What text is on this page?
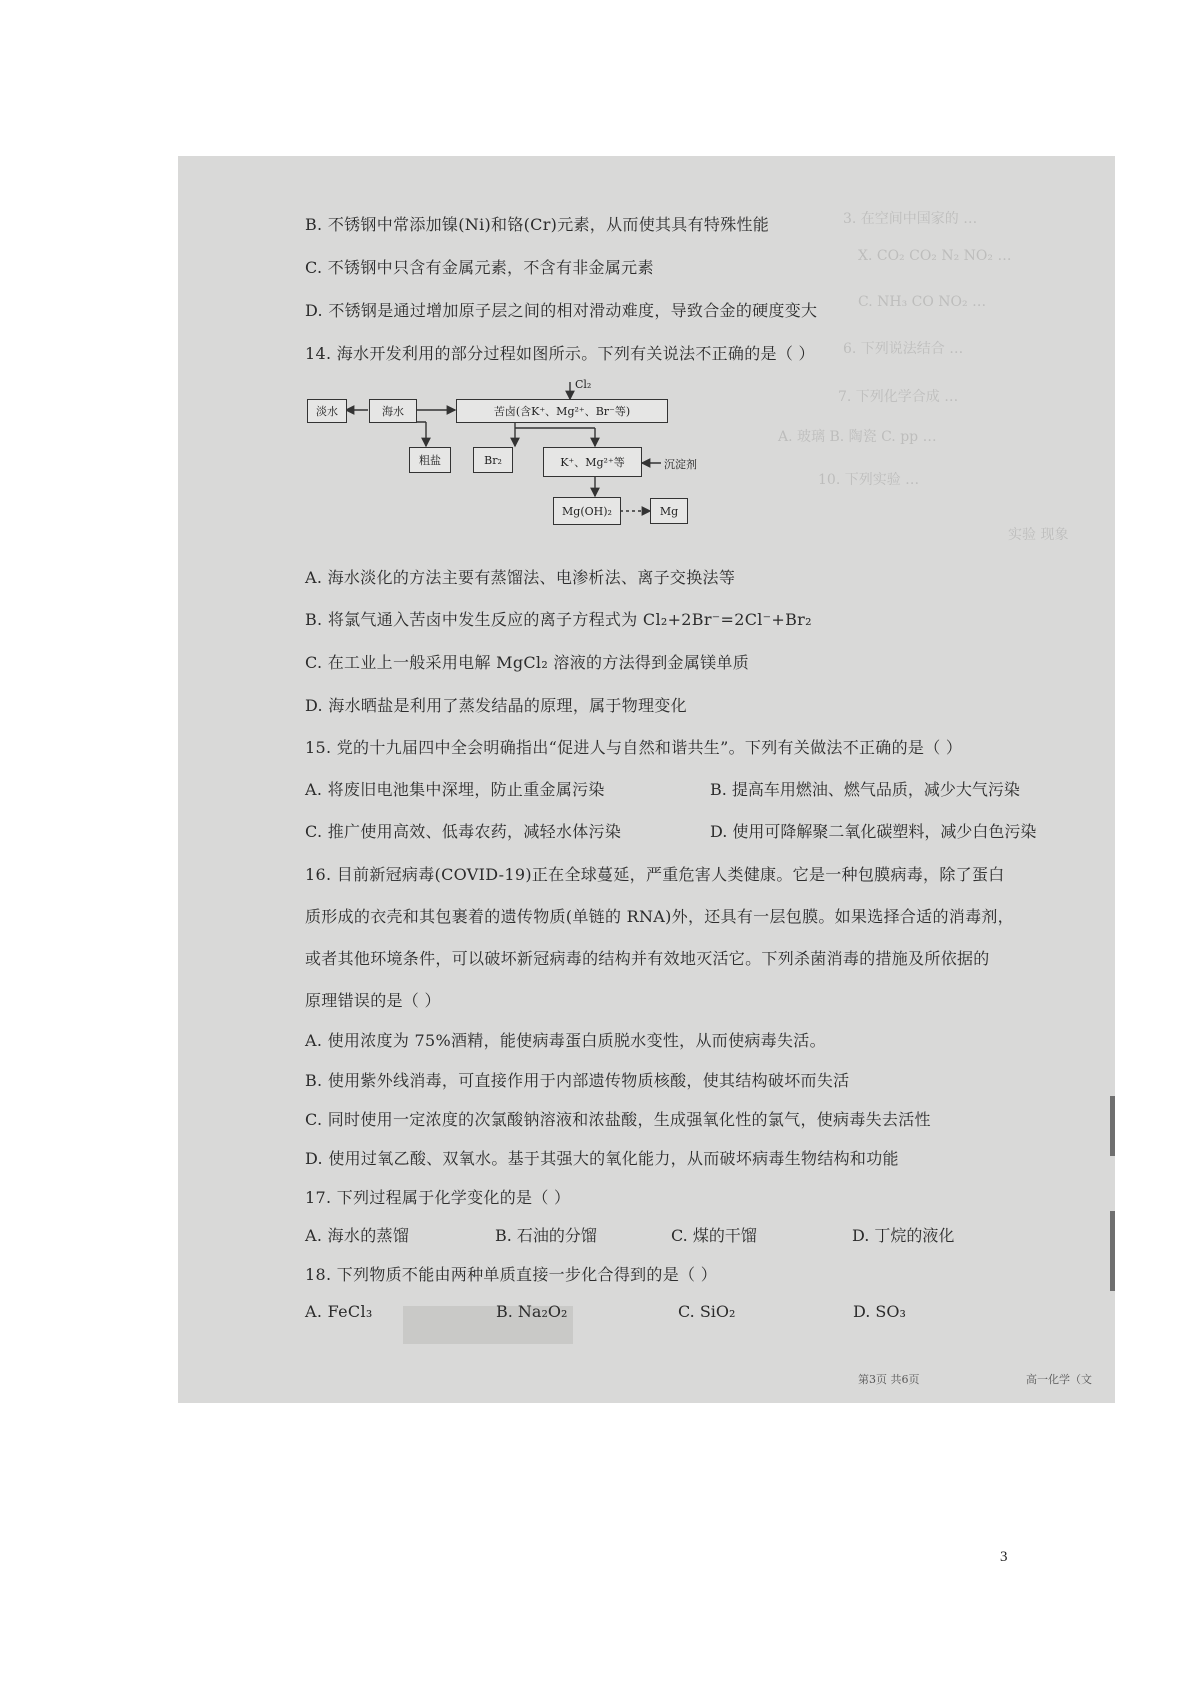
3. 在空间中国家的 …
X. CO₂ CO₂ N₂ NO₂ …
C. NH₃ CO NO₂ …
6. 下列说法结合 …
7. 下列化学合成 …
A. 玻璃 B. 陶瓷 C. pp …
10. 下列实验 …
实验 现象
B. 不锈钢中常添加镍(Ni)和铬(Cr)元素，从而使其具有特殊性能
C. 不锈钢中只含有金属元素，不含有非金属元素
D. 不锈钢是通过增加原子层之间的相对滑动难度，导致合金的硬度变大
14. 海水开发利用的部分过程如图所示。下列有关说法不正确的是（ ）
Cl₂
淡水	海水	苦卤(含K⁺、Mg²⁺、Br⁻等)
粗盐	Br₂	K⁺、Mg²⁺等	沉淀剂
Mg(OH)₂	Mg
A. 海水淡化的方法主要有蒸馏法、电渗析法、离子交换法等
B. 将氯气通入苦卤中发生反应的离子方程式为 Cl₂+2Br⁻=2Cl⁻+Br₂
C. 在工业上一般采用电解 MgCl₂ 溶液的方法得到金属镁单质
D. 海水晒盐是利用了蒸发结晶的原理，属于物理变化
15. 党的十九届四中全会明确指出“促进人与自然和谐共生”。下列有关做法不正确的是（ ）
A. 将废旧电池集中深埋，防止重金属污染	B. 提高车用燃油、燃气品质，减少大气污染
C. 推广使用高效、低毒农药，减轻水体污染	D. 使用可降解聚二氧化碳塑料，减少白色污染
16. 目前新冠病毒(COVID-19)正在全球蔓延，严重危害人类健康。它是一种包膜病毒，除了蛋白
质形成的衣壳和其包裹着的遗传物质(单链的 RNA)外，还具有一层包膜。如果选择合适的消毒剂，
或者其他环境条件，可以破坏新冠病毒的结构并有效地灭活它。下列杀菌消毒的措施及所依据的
原理错误的是（ ）
A. 使用浓度为 75%酒精，能使病毒蛋白质脱水变性，从而使病毒失活。
B. 使用紫外线消毒，可直接作用于内部遗传物质核酸，使其结构破坏而失活
C. 同时使用一定浓度的次氯酸钠溶液和浓盐酸，生成强氧化性的氯气，使病毒失去活性
D. 使用过氧乙酸、双氧水。基于其强大的氧化能力，从而破坏病毒生物结构和功能
17. 下列过程属于化学变化的是（ ）
A. 海水的蒸馏	B. 石油的分馏	C. 煤的干馏	D. 丁烷的液化
18. 下列物质不能由两种单质直接一步化合得到的是（ ）
A. FeCl₃	B. Na₂O₂	C. SiO₂	D. SO₃
第3页 共6页	高一化学（文
3
